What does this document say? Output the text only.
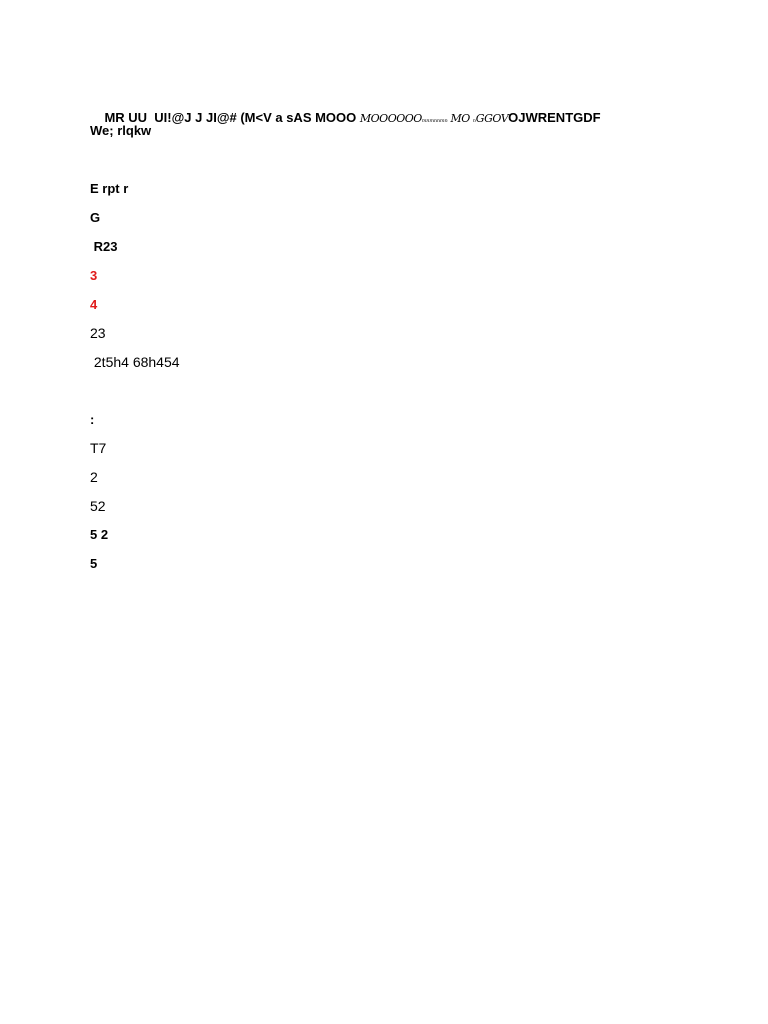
MR UU  UI!@J J JI@# (M<V a sAS MOOO MOOOOOOmnmnnmn MO nGGOVOJWRENTGDF

We; rlqkw
E rpt r
G
R23
3
4
23
2t5h4 68h454
:
T7
2
52
5 2
5
